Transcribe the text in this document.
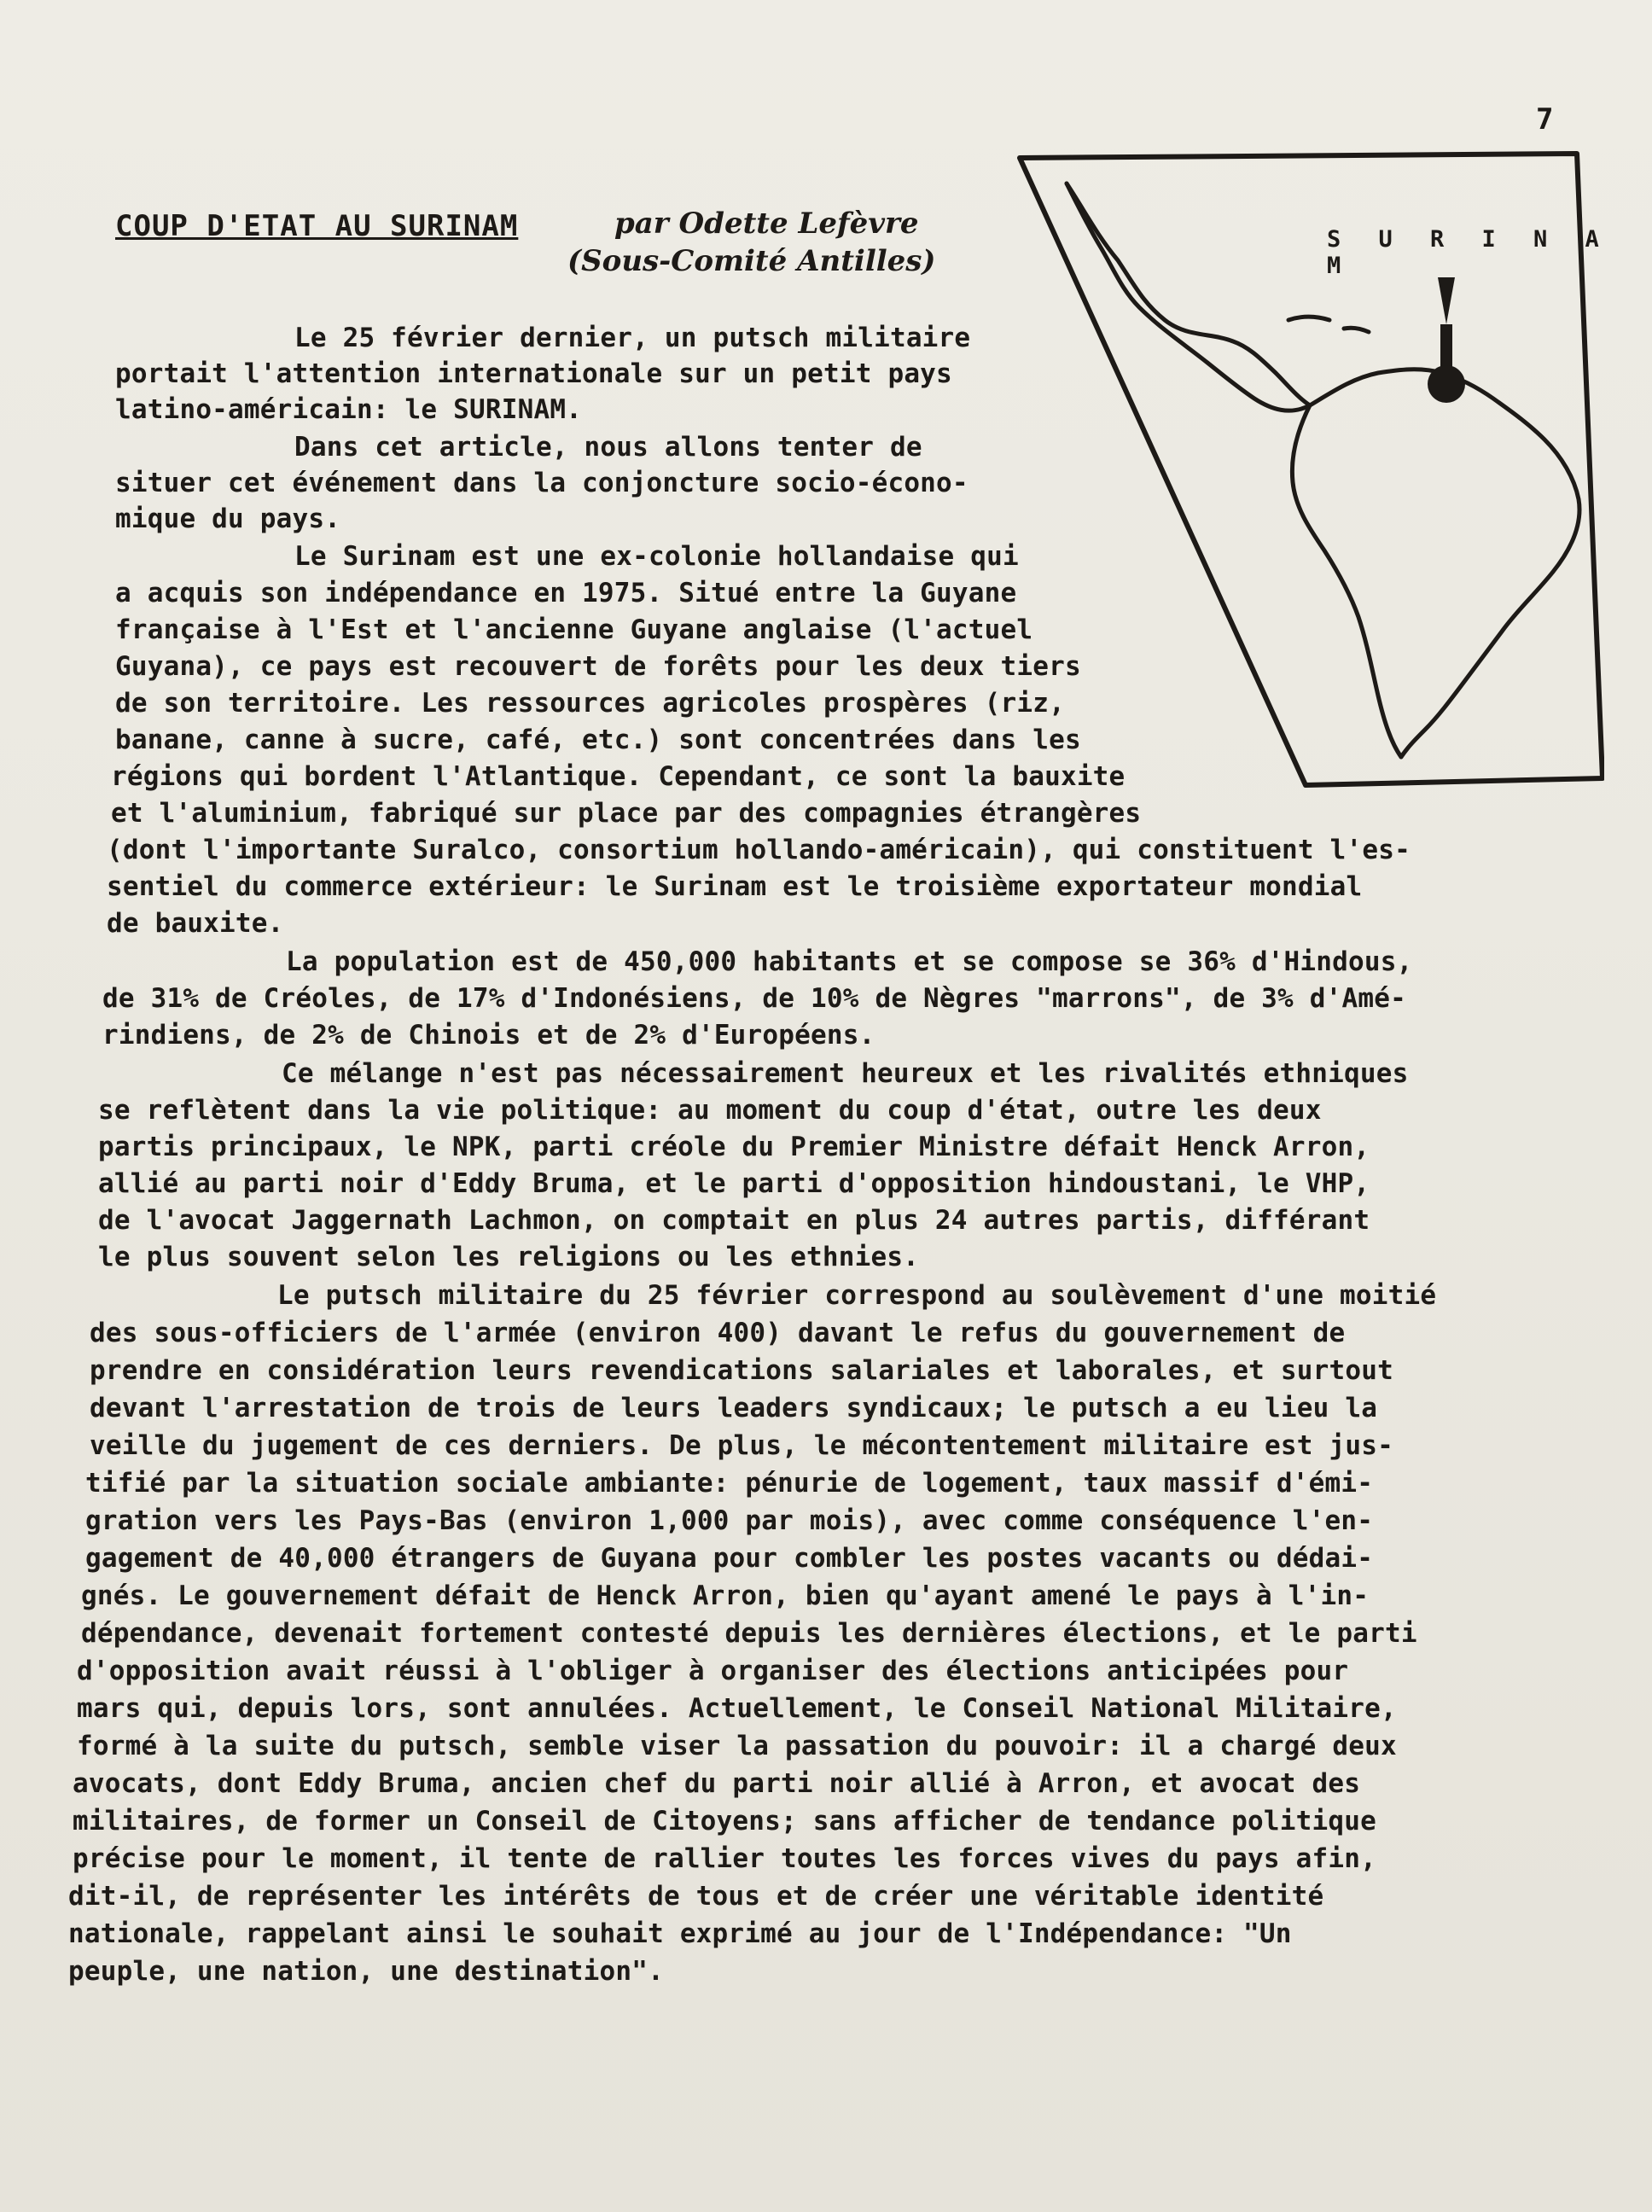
7
COUP D'ETAT AU SURINAM	par Odette Lefèvre
(Sous-Comité Antilles)
S U R I N A M
Le 25 février dernier, un putsch militaire
portait l'attention internationale sur un petit pays
latino-américain: le SURINAM.
Dans cet article, nous allons tenter de
situer cet événement dans la conjoncture socio-écono-
mique du pays.
Le Surinam est une ex-colonie hollandaise qui
a acquis son indépendance en 1975. Situé entre la Guyane
française à l'Est et l'ancienne Guyane anglaise (l'actuel
Guyana), ce pays est recouvert de forêts pour les deux tiers
de son territoire. Les ressources agricoles prospères (riz,
banane, canne à sucre, café, etc.) sont concentrées dans les
régions qui bordent l'Atlantique. Cependant, ce sont la bauxite
et l'aluminium, fabriqué sur place par des compagnies étrangères
(dont l'importante Suralco, consortium hollando-américain), qui constituent l'es-
sentiel du commerce extérieur: le Surinam est le troisième exportateur mondial
de bauxite.
La population est de 450,000 habitants et se compose se 36% d'Hindous,
de 31% de Créoles, de 17% d'Indonésiens, de 10% de Nègres "marrons", de 3% d'Amé-
rindiens, de 2% de Chinois et de 2% d'Européens.
Ce mélange n'est pas nécessairement heureux et les rivalités ethniques
se reflètent dans la vie politique: au moment du coup d'état, outre les deux
partis principaux, le NPK, parti créole du Premier Ministre défait Henck Arron,
allié au parti noir d'Eddy Bruma, et le parti d'opposition hindoustani, le VHP,
de l'avocat Jaggernath Lachmon, on comptait en plus 24 autres partis, différant
le plus souvent selon les religions ou les ethnies.
Le putsch militaire du 25 février correspond au soulèvement d'une moitié
des sous-officiers de l'armée (environ 400) davant le refus du gouvernement de
prendre en considération leurs revendications salariales et laborales, et surtout
devant l'arrestation de trois de leurs leaders syndicaux; le putsch a eu lieu la
veille du jugement de ces derniers. De plus, le mécontentement militaire est jus-
tifié par la situation sociale ambiante: pénurie de logement, taux massif d'émi-
gration vers les Pays-Bas (environ 1,000 par mois), avec comme conséquence l'en-
gagement de 40,000 étrangers de Guyana pour combler les postes vacants ou dédai-
gnés. Le gouvernement défait de Henck Arron, bien qu'ayant amené le pays à l'in-
dépendance, devenait fortement contesté depuis les dernières élections, et le parti
d'opposition avait réussi à l'obliger à organiser des élections anticipées pour
mars qui, depuis lors, sont annulées. Actuellement, le Conseil National Militaire,
formé à la suite du putsch, semble viser la passation du pouvoir: il a chargé deux
avocats, dont Eddy Bruma, ancien chef du parti noir allié à Arron, et avocat des
militaires, de former un Conseil de Citoyens; sans afficher de tendance politique
précise pour le moment, il tente de rallier toutes les forces vives du pays afin,
dit-il, de représenter les intérêts de tous et de créer une véritable identité
nationale, rappelant ainsi le souhait exprimé au jour de l'Indépendance: "Un
peuple, une nation, une destination".
